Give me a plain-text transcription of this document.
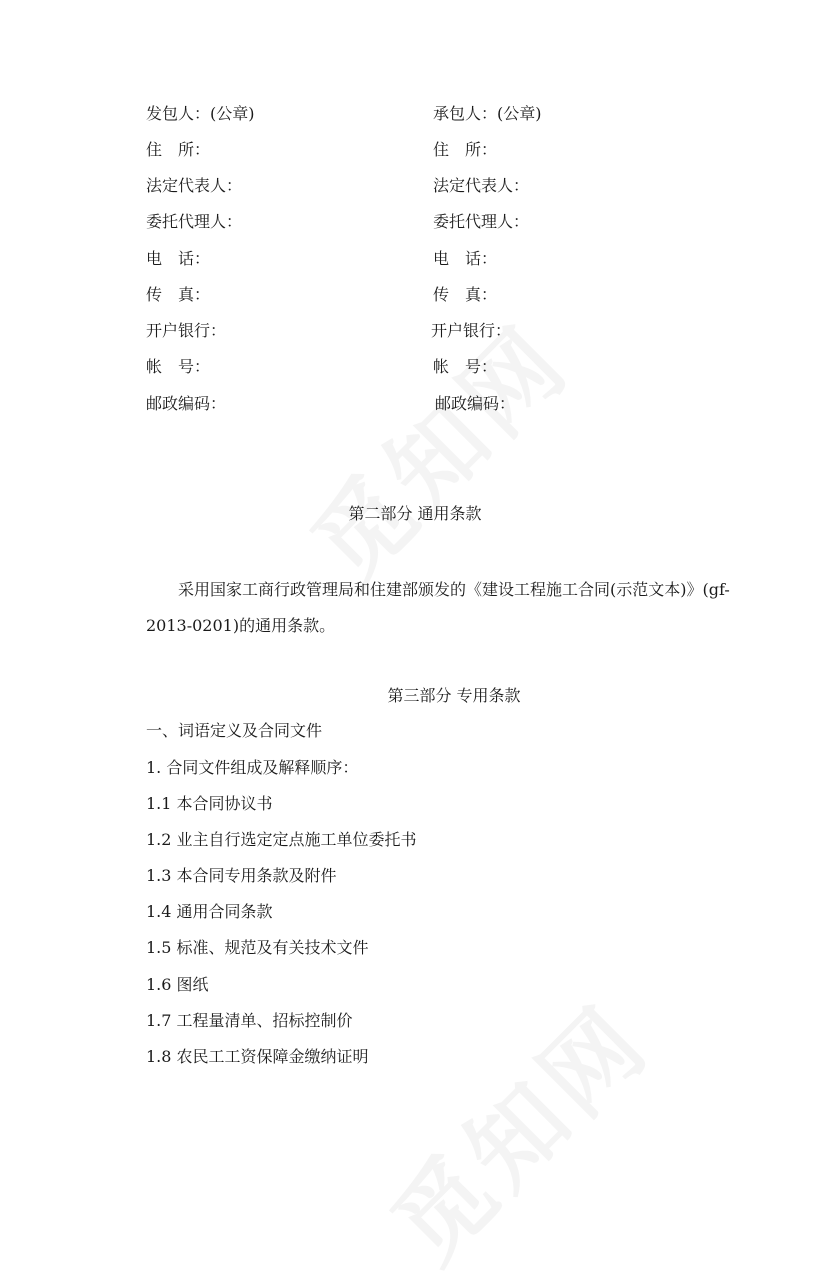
发包人：(公章)
住　所：
法定代表人：
委托代理人：
电　话：
传　真：
开户银行：
帐　号：
邮政编码：
承包人：(公章)
住　所：
法定代表人：
委托代理人：
电　话：
传　真：
开户银行：
帐　号：
邮政编码：
第二部分 通用条款
采用国家工商行政管理局和住建部颁发的《建设工程施工合同(示范文本)》(gf-
2013-0201)的通用条款。
第三部分 专用条款
一、词语定义及合同文件
1. 合同文件组成及解释顺序：
1.1 本合同协议书
1.2 业主自行选定定点施工单位委托书
1.3 本合同专用条款及附件
1.4 通用合同条款
1.5 标准、规范及有关技术文件
1.6 图纸
1.7 工程量清单、招标控制价
1.8 农民工工资保障金缴纳证明
